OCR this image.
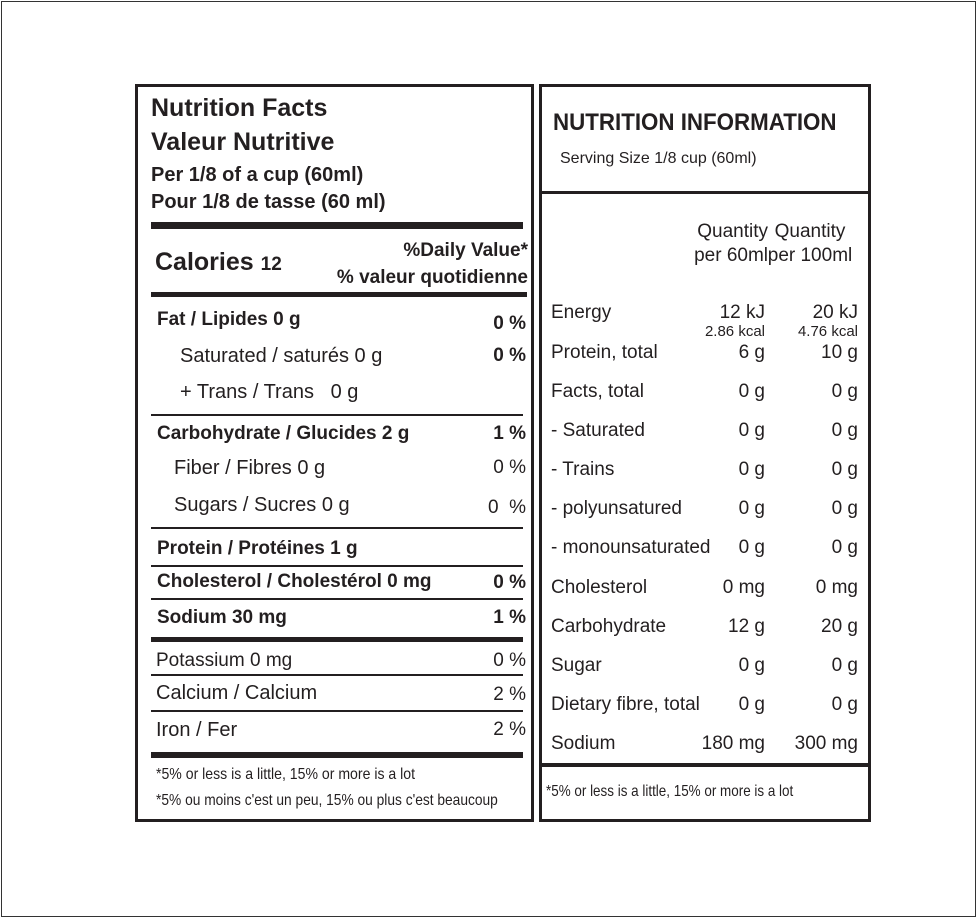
Nutrition Facts
Valeur Nutritive
Per 1/8 of a cup (60ml)
Pour 1/8 de tasse (60 ml)
Calories 12
%Daily Value*
% valeur quotidienne
Fat / Lipides 0 g	0 %
Saturated / saturés 0 g	0 %
+ Trans / Trans   0 g
Carbohydrate / Glucides 2 g	1 %
Fiber / Fibres 0 g	0 %
Sugars / Sucres 0 g	0  %
Protein / Protéines 1 g
Cholesterol / Cholestérol 0 mg	0 %
Sodium 30 mg	1 %
Potassium 0 mg	0 %
Calcium / Calcium	2 %
Iron / Fer	2 %
*5% or less is a little, 15% or more is a lot
*5% ou moins c'est un peu, 15% ou plus c'est beaucoup
NUTRITION INFORMATION
Serving Size 1/8 cup (60ml)
Quantity
per 60ml
Quantity
per 100ml
Energy	12 kJ	20 kJ
2.86 kcal	4.76 kcal
Protein, total	6 g	10 g
Facts, total	0 g	0 g
- Saturated	0 g	0 g
- Trains	0 g	0 g
- polyunsatured	0 g	0 g
- monounsaturated	0 g	0 g
Cholesterol	0 mg	0 mg
Carbohydrate	12 g	20 g
Sugar	0 g	0 g
Dietary fibre, total	0 g	0 g
Sodium	180 mg	300 mg
*5% or less is a little, 15% or more is a lot
